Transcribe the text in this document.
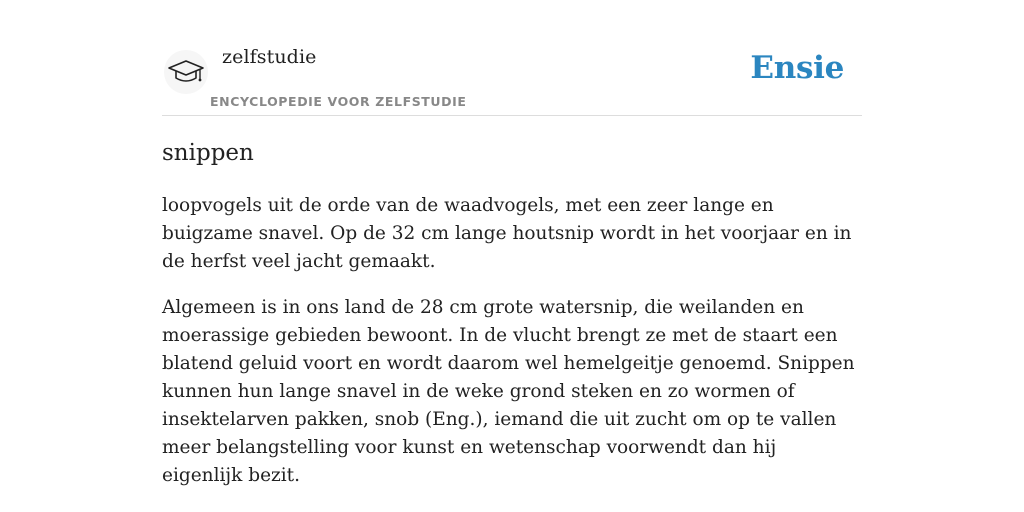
zelfstudie
ENCYCLOPEDIE VOOR ZELFSTUDIE
Ensie
snippen

loopvogels uit de orde van de waadvogels, met een zeer lange en buigzame snavel. Op de 32 cm lange houtsnip wordt in het voorjaar en in de herfst veel jacht gemaakt.

Algemeen is in ons land de 28 cm grote watersnip, die weilanden en moerassige gebieden bewoont. In de vlucht brengt ze met de staart een blatend geluid voort en wordt daarom wel hemelgeitje genoemd. Snippen kunnen hun lange snavel in de weke grond steken en zo wormen of insektelarven pakken, snob (Eng.), iemand die uit zucht om op te vallen meer belangstelling voor kunst en wetenschap voorwendt dan hij eigenlijk bezit.
